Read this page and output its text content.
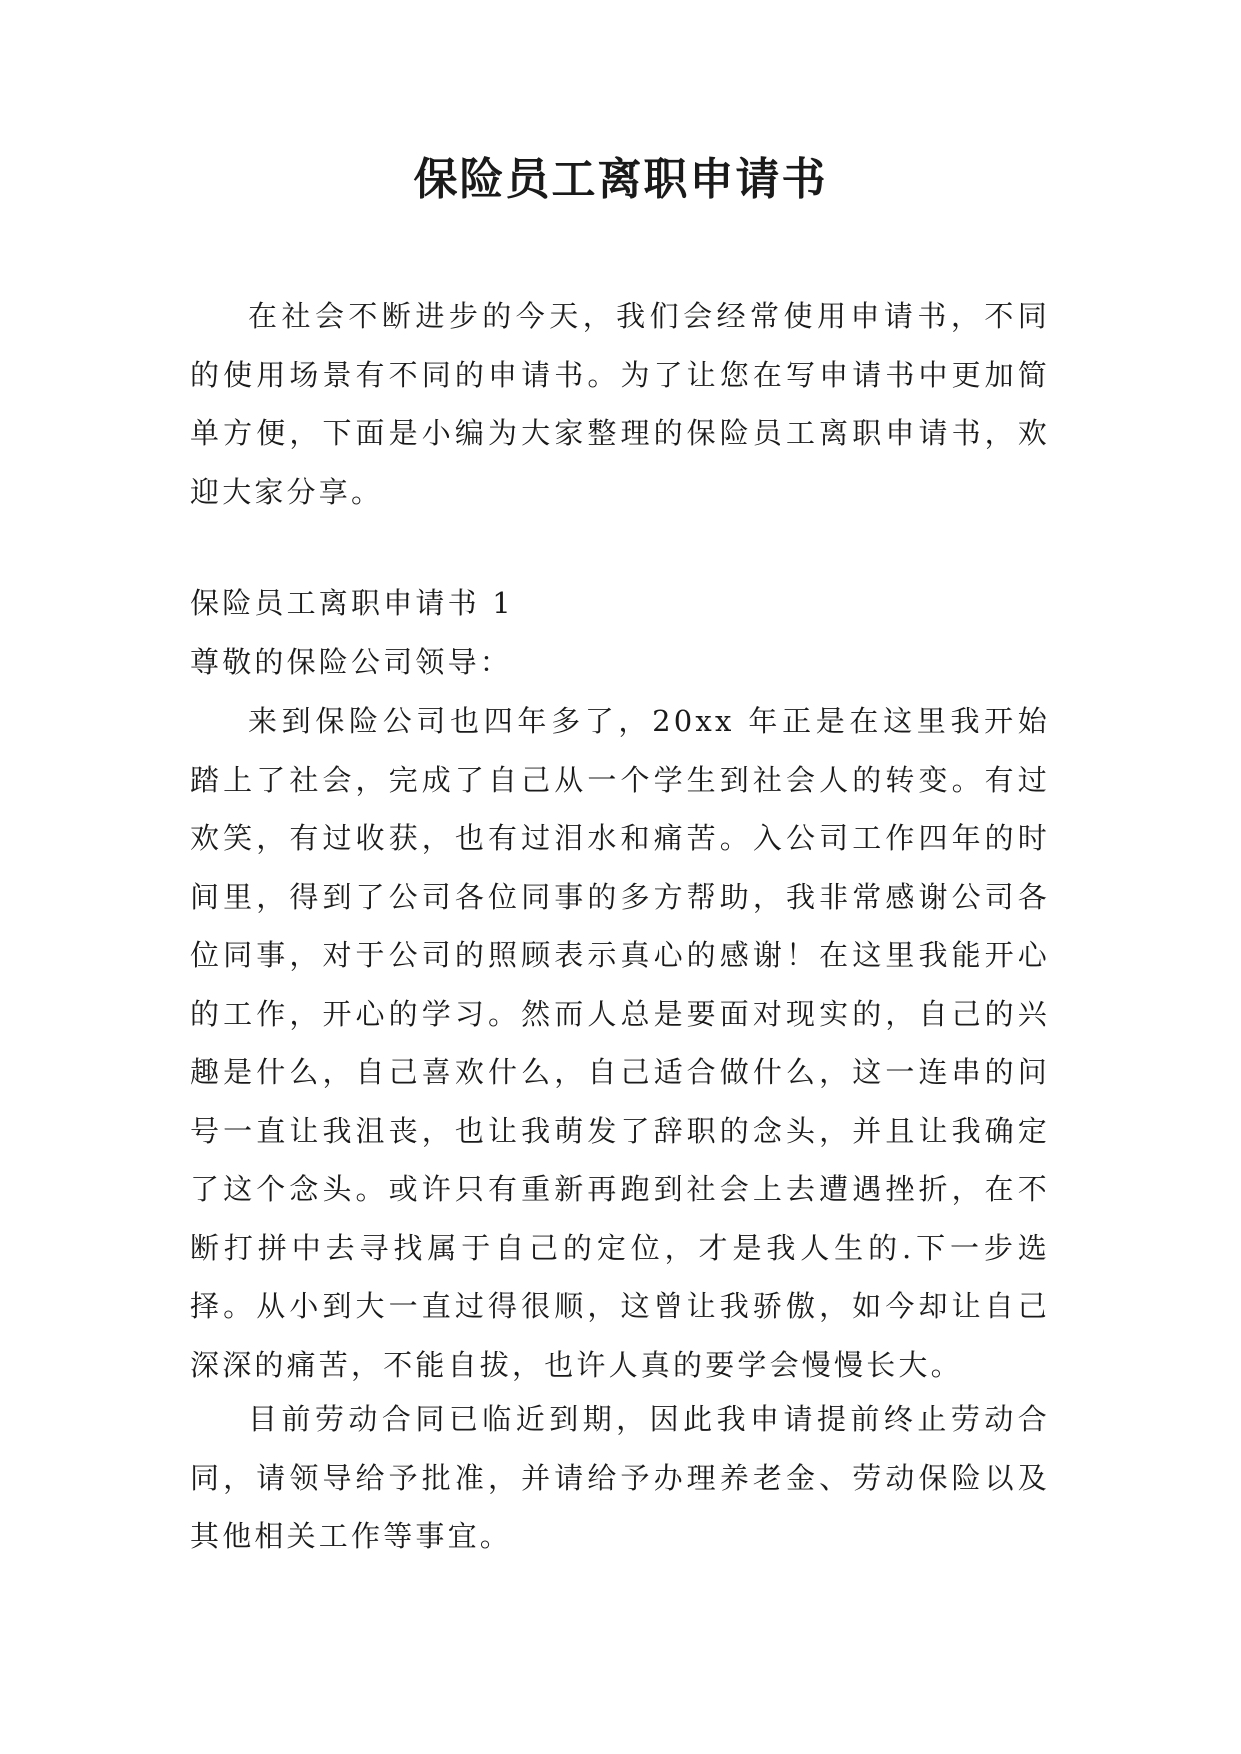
保险员工离职申请书

在社会不断进步的今天，我们会经常使用申请书，不同的使用场景有不同的申请书。为了让您在写申请书中更加简单方便，下面是小编为大家整理的保险员工离职申请书，欢迎大家分享。

保险员工离职申请书 1

尊敬的保险公司领导：

来到保险公司也四年多了，20xx 年正是在这里我开始踏上了社会，完成了自己从一个学生到社会人的转变。有过欢笑，有过收获，也有过泪水和痛苦。入公司工作四年的时间里，得到了公司各位同事的多方帮助，我非常感谢公司各位同事，对于公司的照顾表示真心的感谢！在这里我能开心的工作，开心的学习。然而人总是要面对现实的，自己的兴趣是什么，自己喜欢什么，自己适合做什么，这一连串的问号一直让我沮丧，也让我萌发了辞职的念头，并且让我确定了这个念头。或许只有重新再跑到社会上去遭遇挫折，在不断打拼中去寻找属于自己的定位，才是我人生的.下一步选择。从小到大一直过得很顺，这曾让我骄傲，如今却让自己深深的痛苦，不能自拔，也许人真的要学会慢慢长大。

目前劳动合同已临近到期，因此我申请提前终止劳动合同，请领导给予批准，并请给予办理养老金、劳动保险以及其他相关工作等事宜。
